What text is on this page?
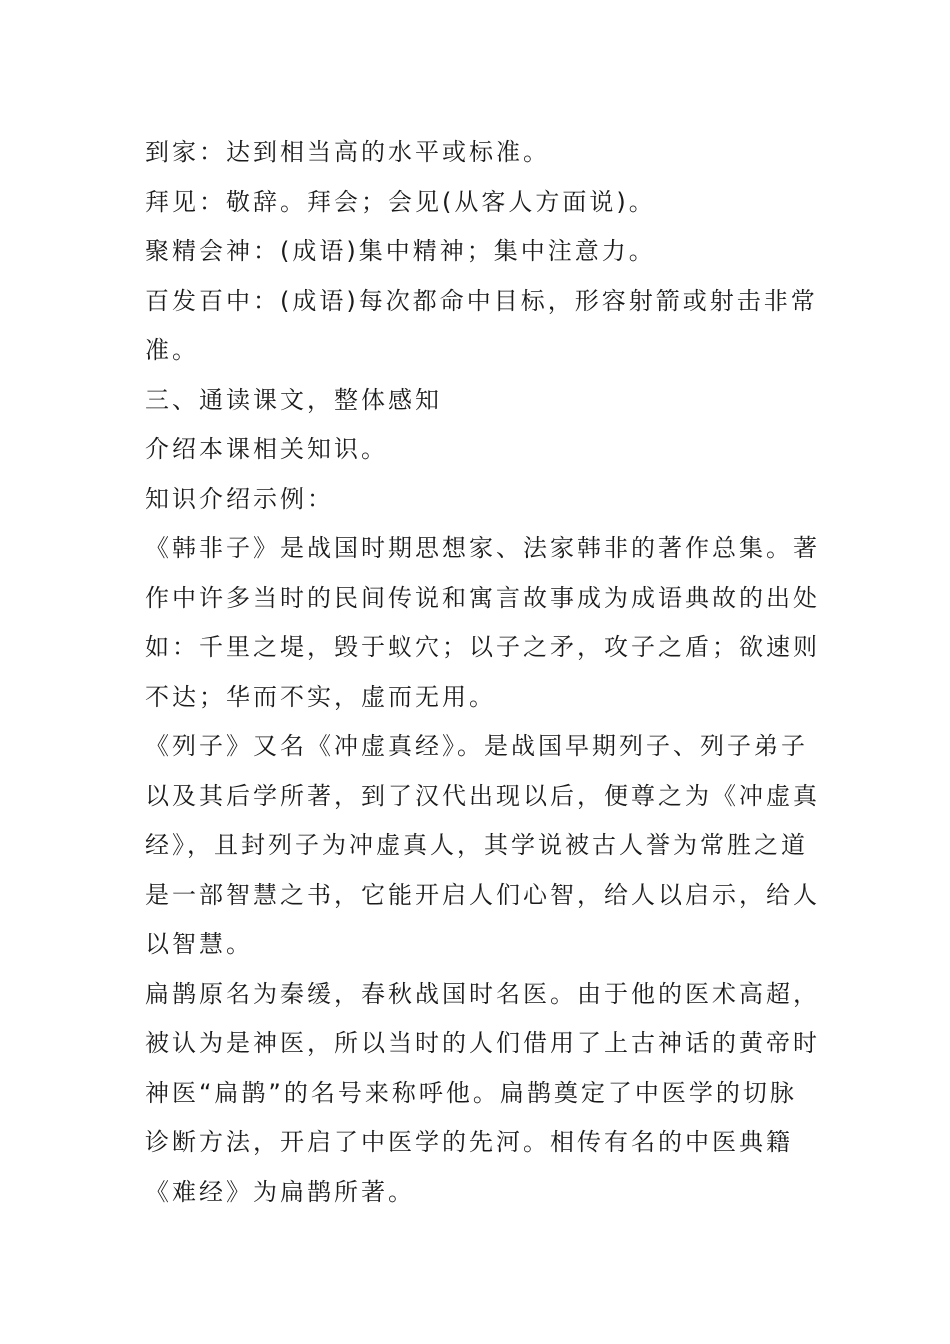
到家：达到相当高的水平或标准。
拜见：敬辞。拜会；会见(从客人方面说)。
聚精会神：(成语)集中精神；集中注意力。
百发百中：(成语)每次都命中目标，形容射箭或射击非常
准。
三、通读课文，整体感知
介绍本课相关知识。
知识介绍示例：
《韩非子》是战国时期思想家、法家韩非的著作总集。著
作中许多当时的民间传说和寓言故事成为成语典故的出处
如：千里之堤，毁于蚁穴；以子之矛，攻子之盾；欲速则
不达；华而不实，虚而无用。
《列子》又名《冲虚真经》。是战国早期列子、列子弟子
以及其后学所著，到了汉代出现以后，便尊之为《冲虚真
经》，且封列子为冲虚真人，其学说被古人誉为常胜之道
是一部智慧之书，它能开启人们心智，给人以启示，给人
以智慧。
扁鹊原名为秦缓，春秋战国时名医。由于他的医术高超，
被认为是神医，所以当时的人们借用了上古神话的黄帝时
神医“扁鹊”的名号来称呼他。扁鹊奠定了中医学的切脉
诊断方法，开启了中医学的先河。相传有名的中医典籍
《难经》为扁鹊所著。
